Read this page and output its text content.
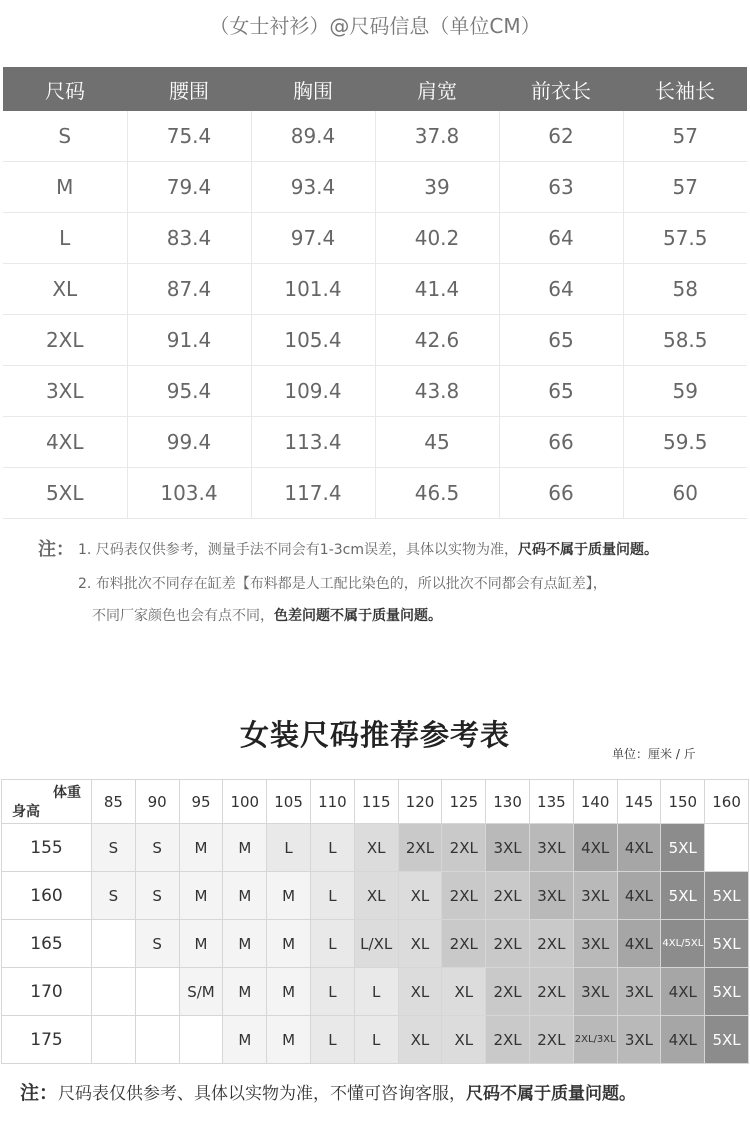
（女士衬衫）@尺码信息（单位CM）
尺码	腰围	胸围	肩宽	前衣长	长袖长
S	75.4	89.4	37.8	62	57
M	79.4	93.4	39	63	57
L	83.4	97.4	40.2	64	57.5
XL	87.4	101.4	41.4	64	58
2XL	91.4	105.4	42.6	65	58.5
3XL	95.4	109.4	43.8	65	59
4XL	99.4	113.4	45	66	59.5
5XL	103.4	117.4	46.5	66	60
注： 1. 尺码表仅供参考，测量手法不同会有1-3cm误差，具体以实物为准，尺码不属于质量问题。
2. 布料批次不同存在缸差【布料都是人工配比染色的，所以批次不同都会有点缸差】，
不同厂家颜色也会有点不同，色差问题不属于质量问题。
女装尺码推荐参考表
单位：厘米 / 斤
体重
身高	85	90	95	100	105	110	115	120	125	130	135	140	145	150	160
155	S	S	M	M	L	L	XL	2XL	2XL	3XL	3XL	4XL	4XL	5XL	
160	S	S	M	M	M	L	XL	XL	2XL	2XL	3XL	3XL	4XL	5XL	5XL
165		S	M	M	M	L	L/XL	XL	2XL	2XL	2XL	3XL	4XL	4XL/5XL	5XL
170			S/M	M	M	L	L	XL	XL	2XL	2XL	3XL	3XL	4XL	5XL
175				M	M	L	L	XL	XL	2XL	2XL	2XL/3XL	3XL	4XL	5XL
注：尺码表仅供参考、具体以实物为准，不懂可咨询客服，尺码不属于质量问题。
